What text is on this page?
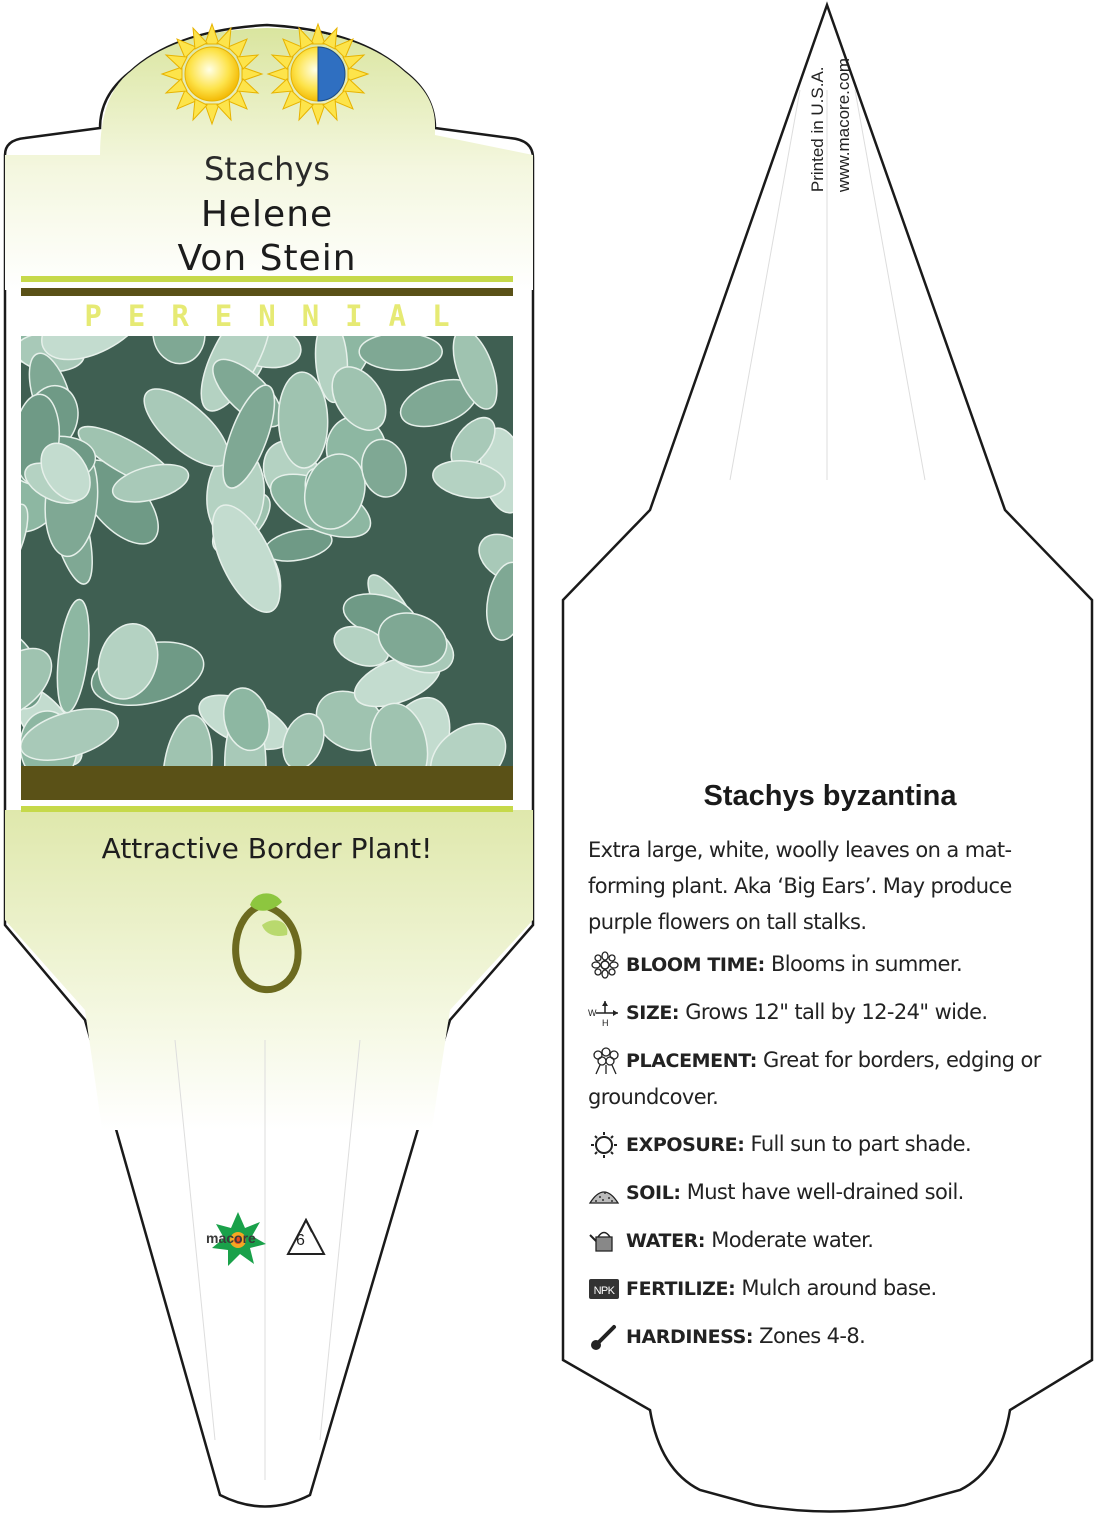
Stachys
Helene
Von Stein
PERENNIAL
Attractive Border Plant!
macore	6
Printed in U.S.A. www.macore.com
Stachys byzantina
Extra large, white, woolly leaves on a mat-forming plant. Aka ‘Big Ears’. May produce purple flowers on tall stalks.
BLOOM TIME: Blooms in summer.
W
H SIZE: Grows 12" tall by 12-24" wide.
PLACEMENT: Great for borders, edging or groundcover.
EXPOSURE: Full sun to part shade.
SOIL: Must have well-drained soil.
WATER: Moderate water.
NPK FERTILIZE: Mulch around base.
HARDINESS: Zones 4-8.
